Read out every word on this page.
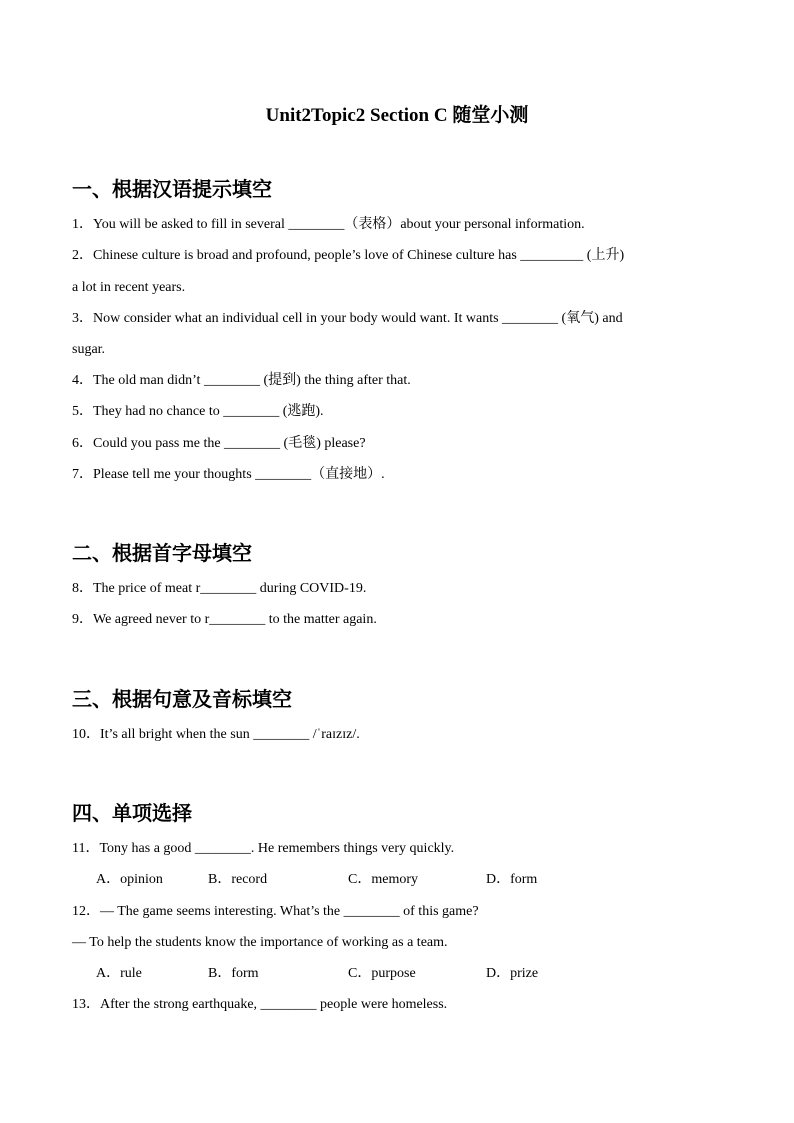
Unit2Topic2 Section C 随堂小测
一、根据汉语提示填空
1．You will be asked to fill in several ________（表格）about your personal information.
2．Chinese culture is broad and profound, people’s love of Chinese culture has _________ (上升)
a lot in recent years.
3．Now consider what an individual cell in your body would want. It wants ________ (氧气) and
sugar.
4．The old man didn’t ________ (提到) the thing after that.
5．They had no chance to ________ (逃跑).
6．Could you pass me the ________ (毛毯) please?
7．Please tell me your thoughts ________（直接地）.
二、根据首字母填空
8．The price of meat r________ during COVID-19.
9．We agreed never to r________ to the matter again.
三、根据句意及音标填空
10．It’s all bright when the sun ________ /ˈraɪzɪz/.
四、单项选择
11．Tony has a good ________. He remembers things very quickly.
A．opinion	B．record	C．memory	D．form
12．— The game seems interesting. What’s the ________ of this game?
— To help the students know the importance of working as a team.
A．rule	B．form	C．purpose	D．prize
13．After the strong earthquake, ________ people were homeless.
